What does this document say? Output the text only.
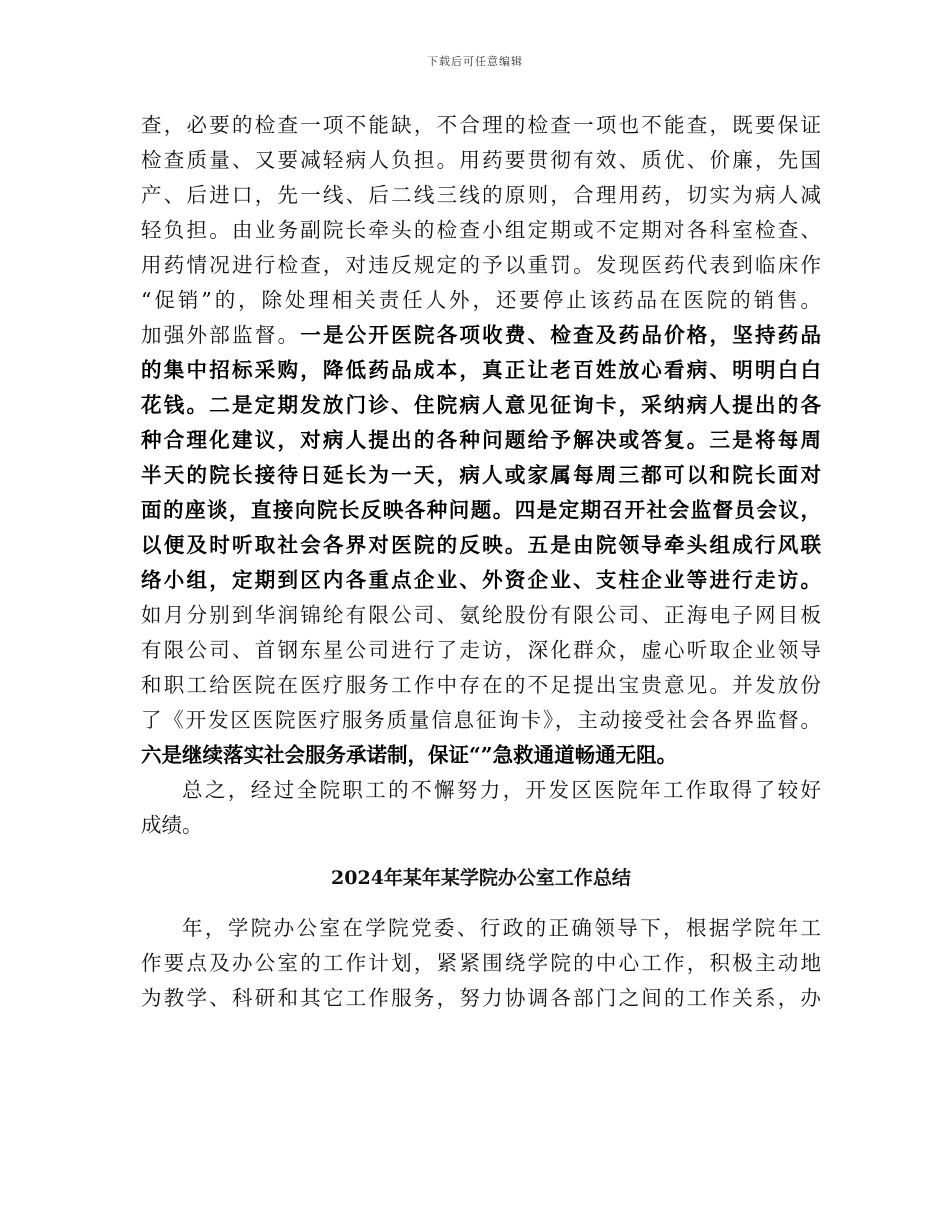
下载后可任意编辑
查，必要的检查一项不能缺，不合理的检查一项也不能查，既要保证
检查质量、又要减轻病人负担。用药要贯彻有效、质优、价廉，先国
产、后进口，先一线、后二线三线的原则，合理用药，切实为病人减
轻负担。由业务副院长牵头的检查小组定期或不定期对各科室检查、
用药情况进行检查，对违反规定的予以重罚。发现医药代表到临床作
“促销”的，除处理相关责任人外，还要停止该药品在医院的销售。
加强外部监督。一是公开医院各项收费、检查及药品价格，坚持药品
的集中招标采购，降低药品成本，真正让老百姓放心看病、明明白白
花钱。二是定期发放门诊、住院病人意见征询卡，采纳病人提出的各
种合理化建议，对病人提出的各种问题给予解决或答复。三是将每周
半天的院长接待日延长为一天，病人或家属每周三都可以和院长面对
面的座谈，直接向院长反映各种问题。四是定期召开社会监督员会议，
以便及时听取社会各界对医院的反映。五是由院领导牵头组成行风联
络小组，定期到区内各重点企业、外资企业、支柱企业等进行走访。
如月分别到华润锦纶有限公司、氨纶股份有限公司、正海电子网目板
有限公司、首钢东星公司进行了走访，深化群众，虚心听取企业领导
和职工给医院在医疗服务工作中存在的不足提出宝贵意见。并发放份
了《开发区医院医疗服务质量信息征询卡》，主动接受社会各界监督。
六是继续落实社会服务承诺制，保证“”急救通道畅通无阻。
总之，经过全院职工的不懈努力，开发区医院年工作取得了较好
成绩。
2024年某年某学院办公室工作总结
年，学院办公室在学院党委、行政的正确领导下，根据学院年工
作要点及办公室的工作计划，紧紧围绕学院的中心工作，积极主动地
为教学、科研和其它工作服务，努力协调各部门之间的工作关系，办
